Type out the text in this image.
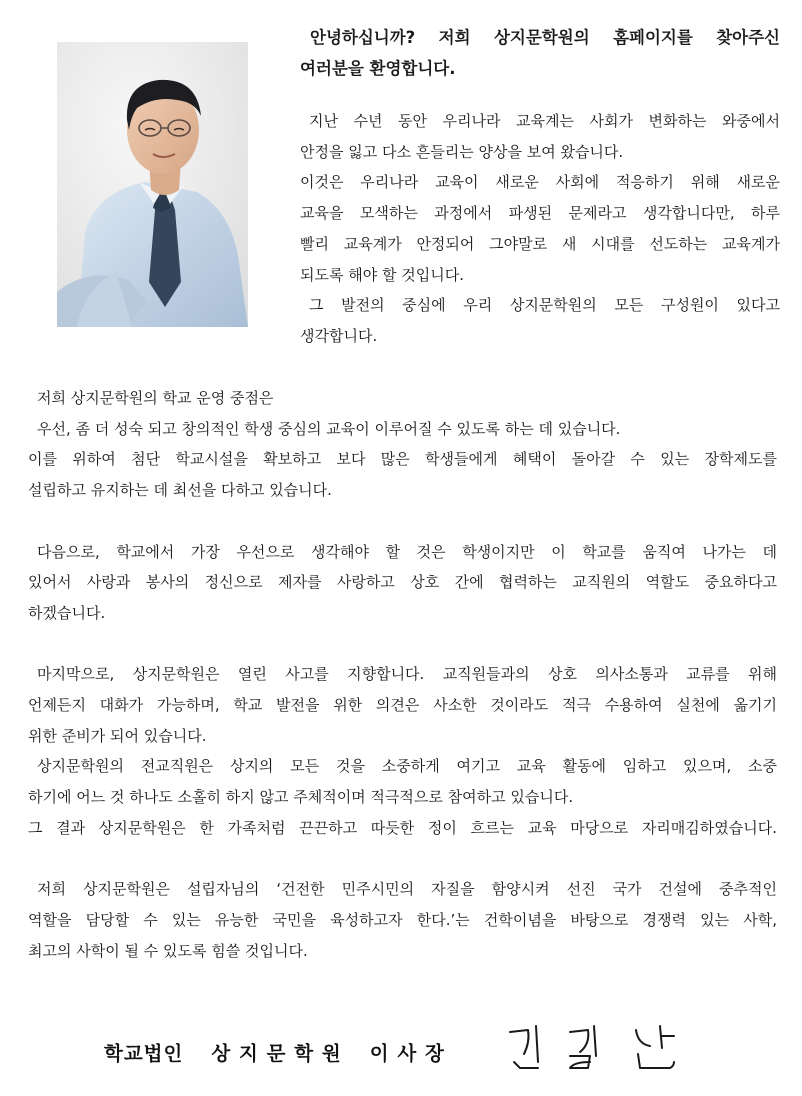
안녕하십니까? 저희 상지문학원의 홈페이지를 찾아주신

여러분을 환영합니다.

지난 수년 동안 우리나라 교육계는 사회가 변화하는 와중에서

안정을 잃고 다소 흔들리는 양상을 보여 왔습니다.

이것은 우리나라 교육이 새로운 사회에 적응하기 위해 새로운

교육을 모색하는 과정에서 파생된 문제라고 생각합니다만, 하루

빨리 교육계가 안정되어 그야말로 새 시대를 선도하는 교육계가

되도록 해야 할 것입니다.

그 발전의 중심에 우리 상지문학원의 모든 구성원이 있다고

생각합니다.

저희 상지문학원의 학교 운영 중점은

우선, 좀 더 성숙 되고 창의적인 학생 중심의 교육이 이루어질 수 있도록 하는 데 있습니다.

이를 위하여 첨단 학교시설을 확보하고 보다 많은 학생들에게 혜택이 돌아갈 수 있는 장학제도를

설립하고 유지하는 데 최선을 다하고 있습니다.

다음으로, 학교에서 가장 우선으로 생각해야 할 것은 학생이지만 이 학교를 움직여 나가는 데

있어서 사랑과 봉사의 정신으로 제자를 사랑하고 상호 간에 협력하는 교직원의 역할도 중요하다고

하겠습니다.

마지막으로, 상지문학원은 열린 사고를 지향합니다. 교직원들과의 상호 의사소통과 교류를 위해

언제든지 대화가 가능하며, 학교 발전을 위한 의견은 사소한 것이라도 적극 수용하여 실천에 옮기기

위한 준비가 되어 있습니다.

상지문학원의 전교직원은 상지의 모든 것을 소중하게 여기고 교육 활동에 임하고 있으며, 소중

하기에 어느 것 하나도 소홀히 하지 않고 주체적이며 적극적으로 참여하고 있습니다.

그 결과 상지문학원은 한 가족처럼 끈끈하고 따듯한 정이 흐르는 교육 마당으로 자리매김하였습니다.

저희 상지문학원은 설립자님의 ‘건전한 민주시민의 자질을 함양시켜 선진 국가 건설에 중추적인

역할을 담당할 수 있는 유능한 국민을 육성하고자 한다.’는 건학이념을 바탕으로 경쟁력 있는 사학,

최고의 사학이 될 수 있도록 힘쓸 것입니다.

학교법인 상 지 문 학 원 이 사 장
